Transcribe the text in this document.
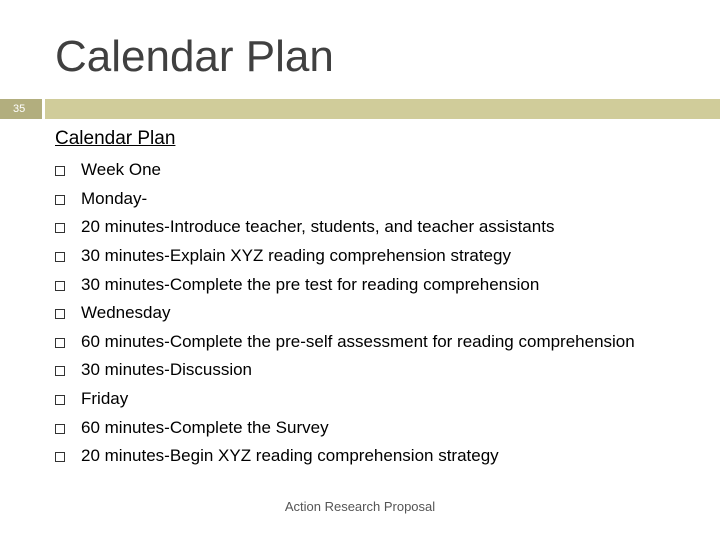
Calendar Plan
35
Calendar Plan
Week One
Monday-
20 minutes-Introduce teacher, students, and teacher assistants
30 minutes-Explain XYZ reading comprehension strategy
30 minutes-Complete the pre test for reading comprehension
Wednesday
60 minutes-Complete the pre-self assessment for reading comprehension
30 minutes-Discussion
Friday
60 minutes-Complete the Survey
20 minutes-Begin XYZ reading comprehension strategy
Action Research Proposal
